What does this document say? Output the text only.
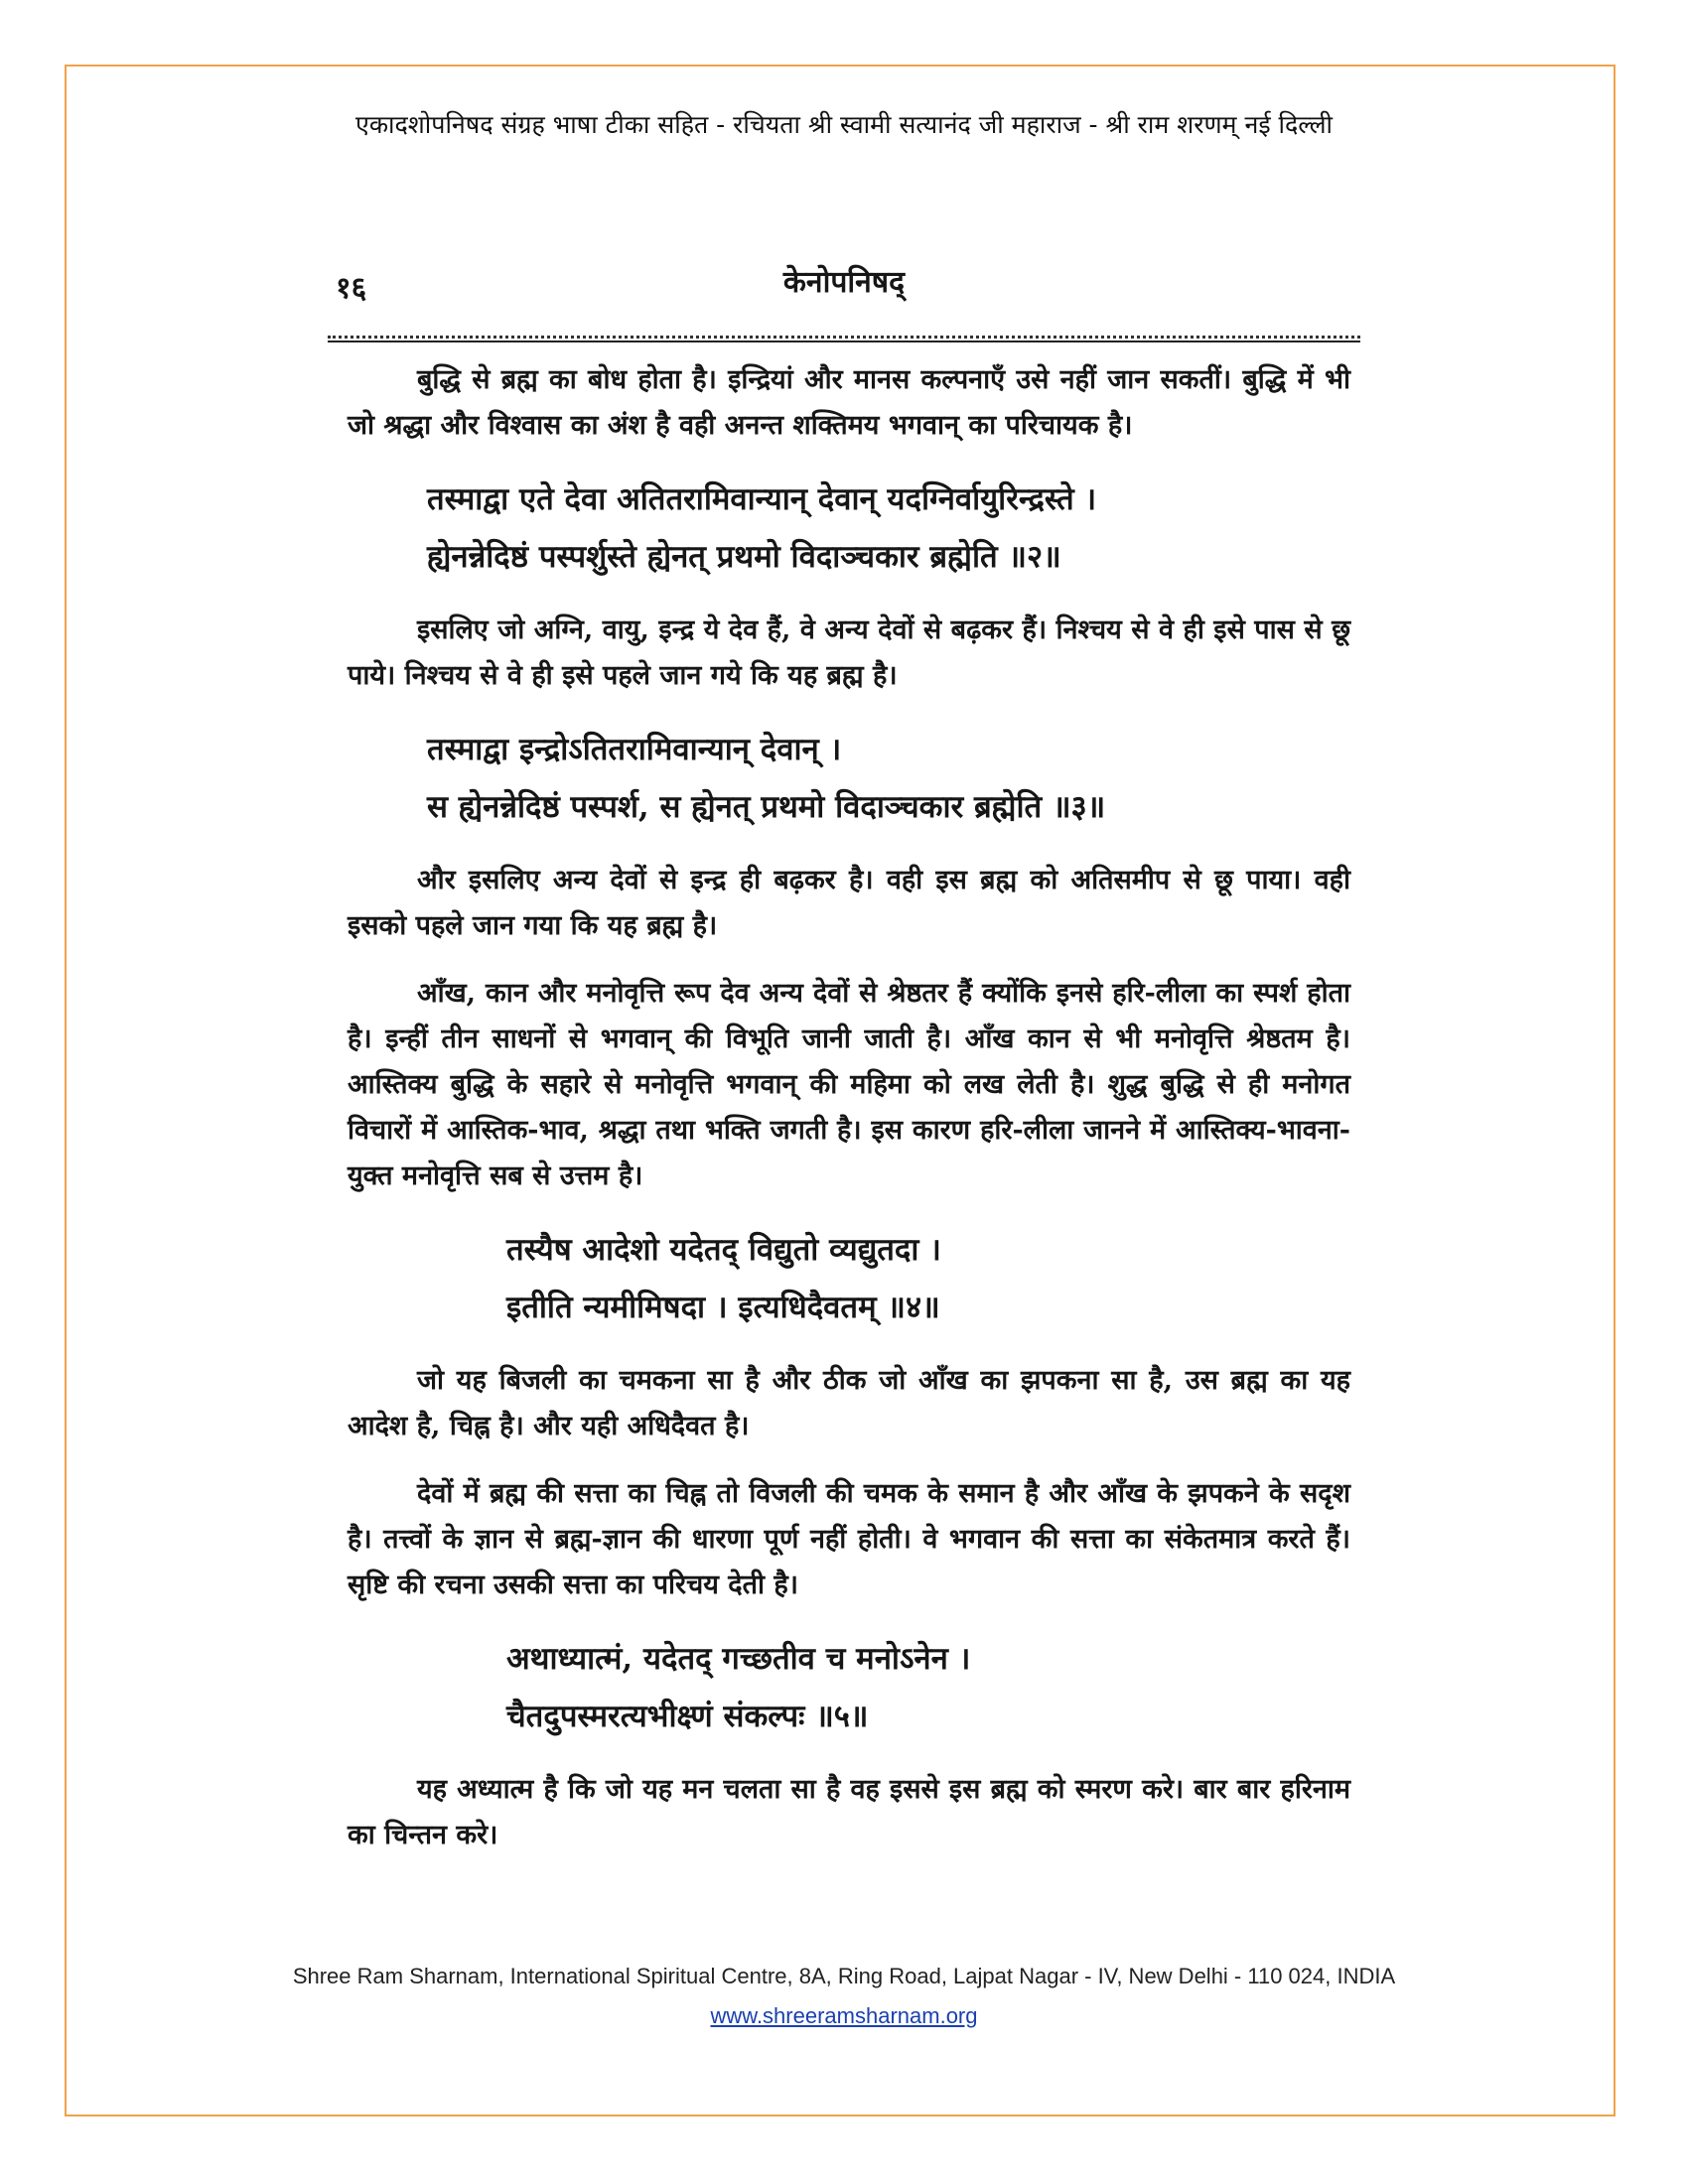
एकादशोपनिषद संग्रह भाषा टीका सहित - रचियता श्री स्वामी सत्यानंद जी महाराज - श्री राम शरणम् नई दिल्ली
१६	केनोपनिषद्

बुद्धि से ब्रह्म का बोध होता है। इन्द्रियां और मानस कल्पनाएँ उसे नहीं जान सकतीं। बुद्धि में भी जो श्रद्धा और विश्वास का अंश है वही अनन्त शक्तिमय भगवान् का परिचायक है।

तस्माद्वा एते देवा अतितरामिवान्यान् देवान् यदग्निर्वायुरिन्द्रस्ते ।
ह्येनन्नेदिष्ठं पस्पर्शुस्ते ह्येनत् प्रथमो विदाञ्चकार ब्रह्मेति ॥२॥

इसलिए जो अग्नि, वायु, इन्द्र ये देव हैं, वे अन्य देवों से बढ़कर हैं। निश्चय से वे ही इसे पास से छू पाये। निश्चय से वे ही इसे पहले जान गये कि यह ब्रह्म है।

तस्माद्वा इन्द्रोऽतितरामिवान्यान् देवान् ।
स ह्येनन्नेदिष्ठं पस्पर्श, स ह्येनत् प्रथमो विदाञ्चकार ब्रह्मेति ॥३॥

और इसलिए अन्य देवों से इन्द्र ही बढ़कर है। वही इस ब्रह्म को अतिसमीप से छू पाया। वही इसको पहले जान गया कि यह ब्रह्म है।

आँख, कान और मनोवृत्ति रूप देव अन्य देवों से श्रेष्ठतर हैं क्योंकि इनसे हरि-लीला का स्पर्श होता है। इन्हीं तीन साधनों से भगवान् की विभूति जानी जाती है। आँख कान से भी मनोवृत्ति श्रेष्ठतम है। आस्तिक्य बुद्धि के सहारे से मनोवृत्ति भगवान् की महिमा को लख लेती है। शुद्ध बुद्धि से ही मनोगत विचारों में आस्तिक-भाव, श्रद्धा तथा भक्ति जगती है। इस कारण हरि-लीला जानने में आस्तिक्य-भावना-युक्त मनोवृत्ति सब से उत्तम है।

तस्यैष आदेशो यदेतद् विद्युतो व्यद्युतदा ।
इतीति न्यमीमिषदा । इत्यधिदैवतम् ॥४॥

जो यह बिजली का चमकना सा है और ठीक जो आँख का झपकना सा है, उस ब्रह्म का यह आदेश है, चिह्न है। और यही अधिदैवत है।

देवों में ब्रह्म की सत्ता का चिह्न तो विजली की चमक के समान है और आँख के झपकने के सदृश है। तत्त्वों के ज्ञान से ब्रह्म-ज्ञान की धारणा पूर्ण नहीं होती। वे भगवान की सत्ता का संकेतमात्र करते हैं। सृष्टि की रचना उसकी सत्ता का परिचय देती है।

अथाध्यात्मं, यदेतद् गच्छतीव च मनोऽनेन ।
चैतदुपस्मरत्यभीक्ष्णं संकल्पः ॥५॥

यह अध्यात्म है कि जो यह मन चलता सा है वह इससे इस ब्रह्म को स्मरण करे। बार बार हरिनाम का चिन्तन करे।

Shree Ram Sharnam, International Spiritual Centre, 8A, Ring Road, Lajpat Nagar - IV, New Delhi - 110 024, INDIA
www.shreeramsharnam.org
